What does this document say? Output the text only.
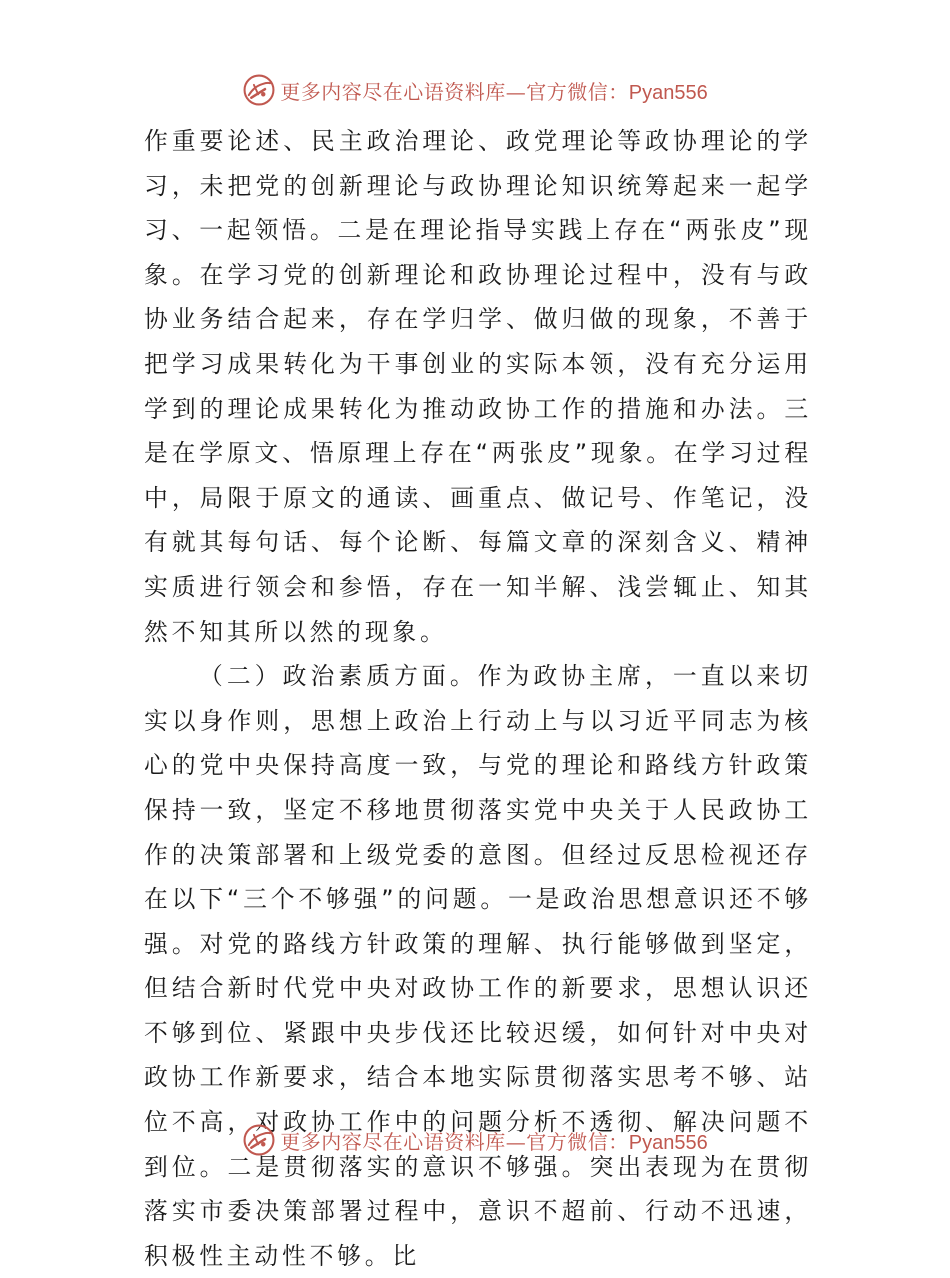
更多内容尽在心语资料库—官方微信：Pyan556

作重要论述、民主政治理论、政党理论等政协理论的学习，未把党的创新理论与政协理论知识统筹起来一起学习、一起领悟。二是在理论指导实践上存在“两张皮”现象。在学习党的创新理论和政协理论过程中，没有与政协业务结合起来，存在学归学、做归做的现象，不善于把学习成果转化为干事创业的实际本领，没有充分运用学到的理论成果转化为推动政协工作的措施和办法。三是在学原文、悟原理上存在“两张皮”现象。在学习过程中，局限于原文的通读、画重点、做记号、作笔记，没有就其每句话、每个论断、每篇文章的深刻含义、精神实质进行领会和参悟，存在一知半解、浅尝辄止、知其然不知其所以然的现象。

（二）政治素质方面。作为政协主席，一直以来切实以身作则，思想上政治上行动上与以习近平同志为核心的党中央保持高度一致，与党的理论和路线方针政策保持一致，坚定不移地贯彻落实党中央关于人民政协工作的决策部署和上级党委的意图。但经过反思检视还存在以下“三个不够强”的问题。一是政治思想意识还不够强。对党的路线方针政策的理解、执行能够做到坚定，但结合新时代党中央对政协工作的新要求，思想认识还不够到位、紧跟中央步伐还比较迟缓，如何针对中央对政协工作新要求，结合本地实际贯彻落实思考不够、站位不高，对政协工作中的问题分析不透彻、解决问题不到位。二是贯彻落实的意识不够强。突出表现为在贯彻落实市委决策部署过程中，意识不超前、行动不迅速，积极性主动性不够。比

更多内容尽在心语资料库—官方微信：Pyan556
